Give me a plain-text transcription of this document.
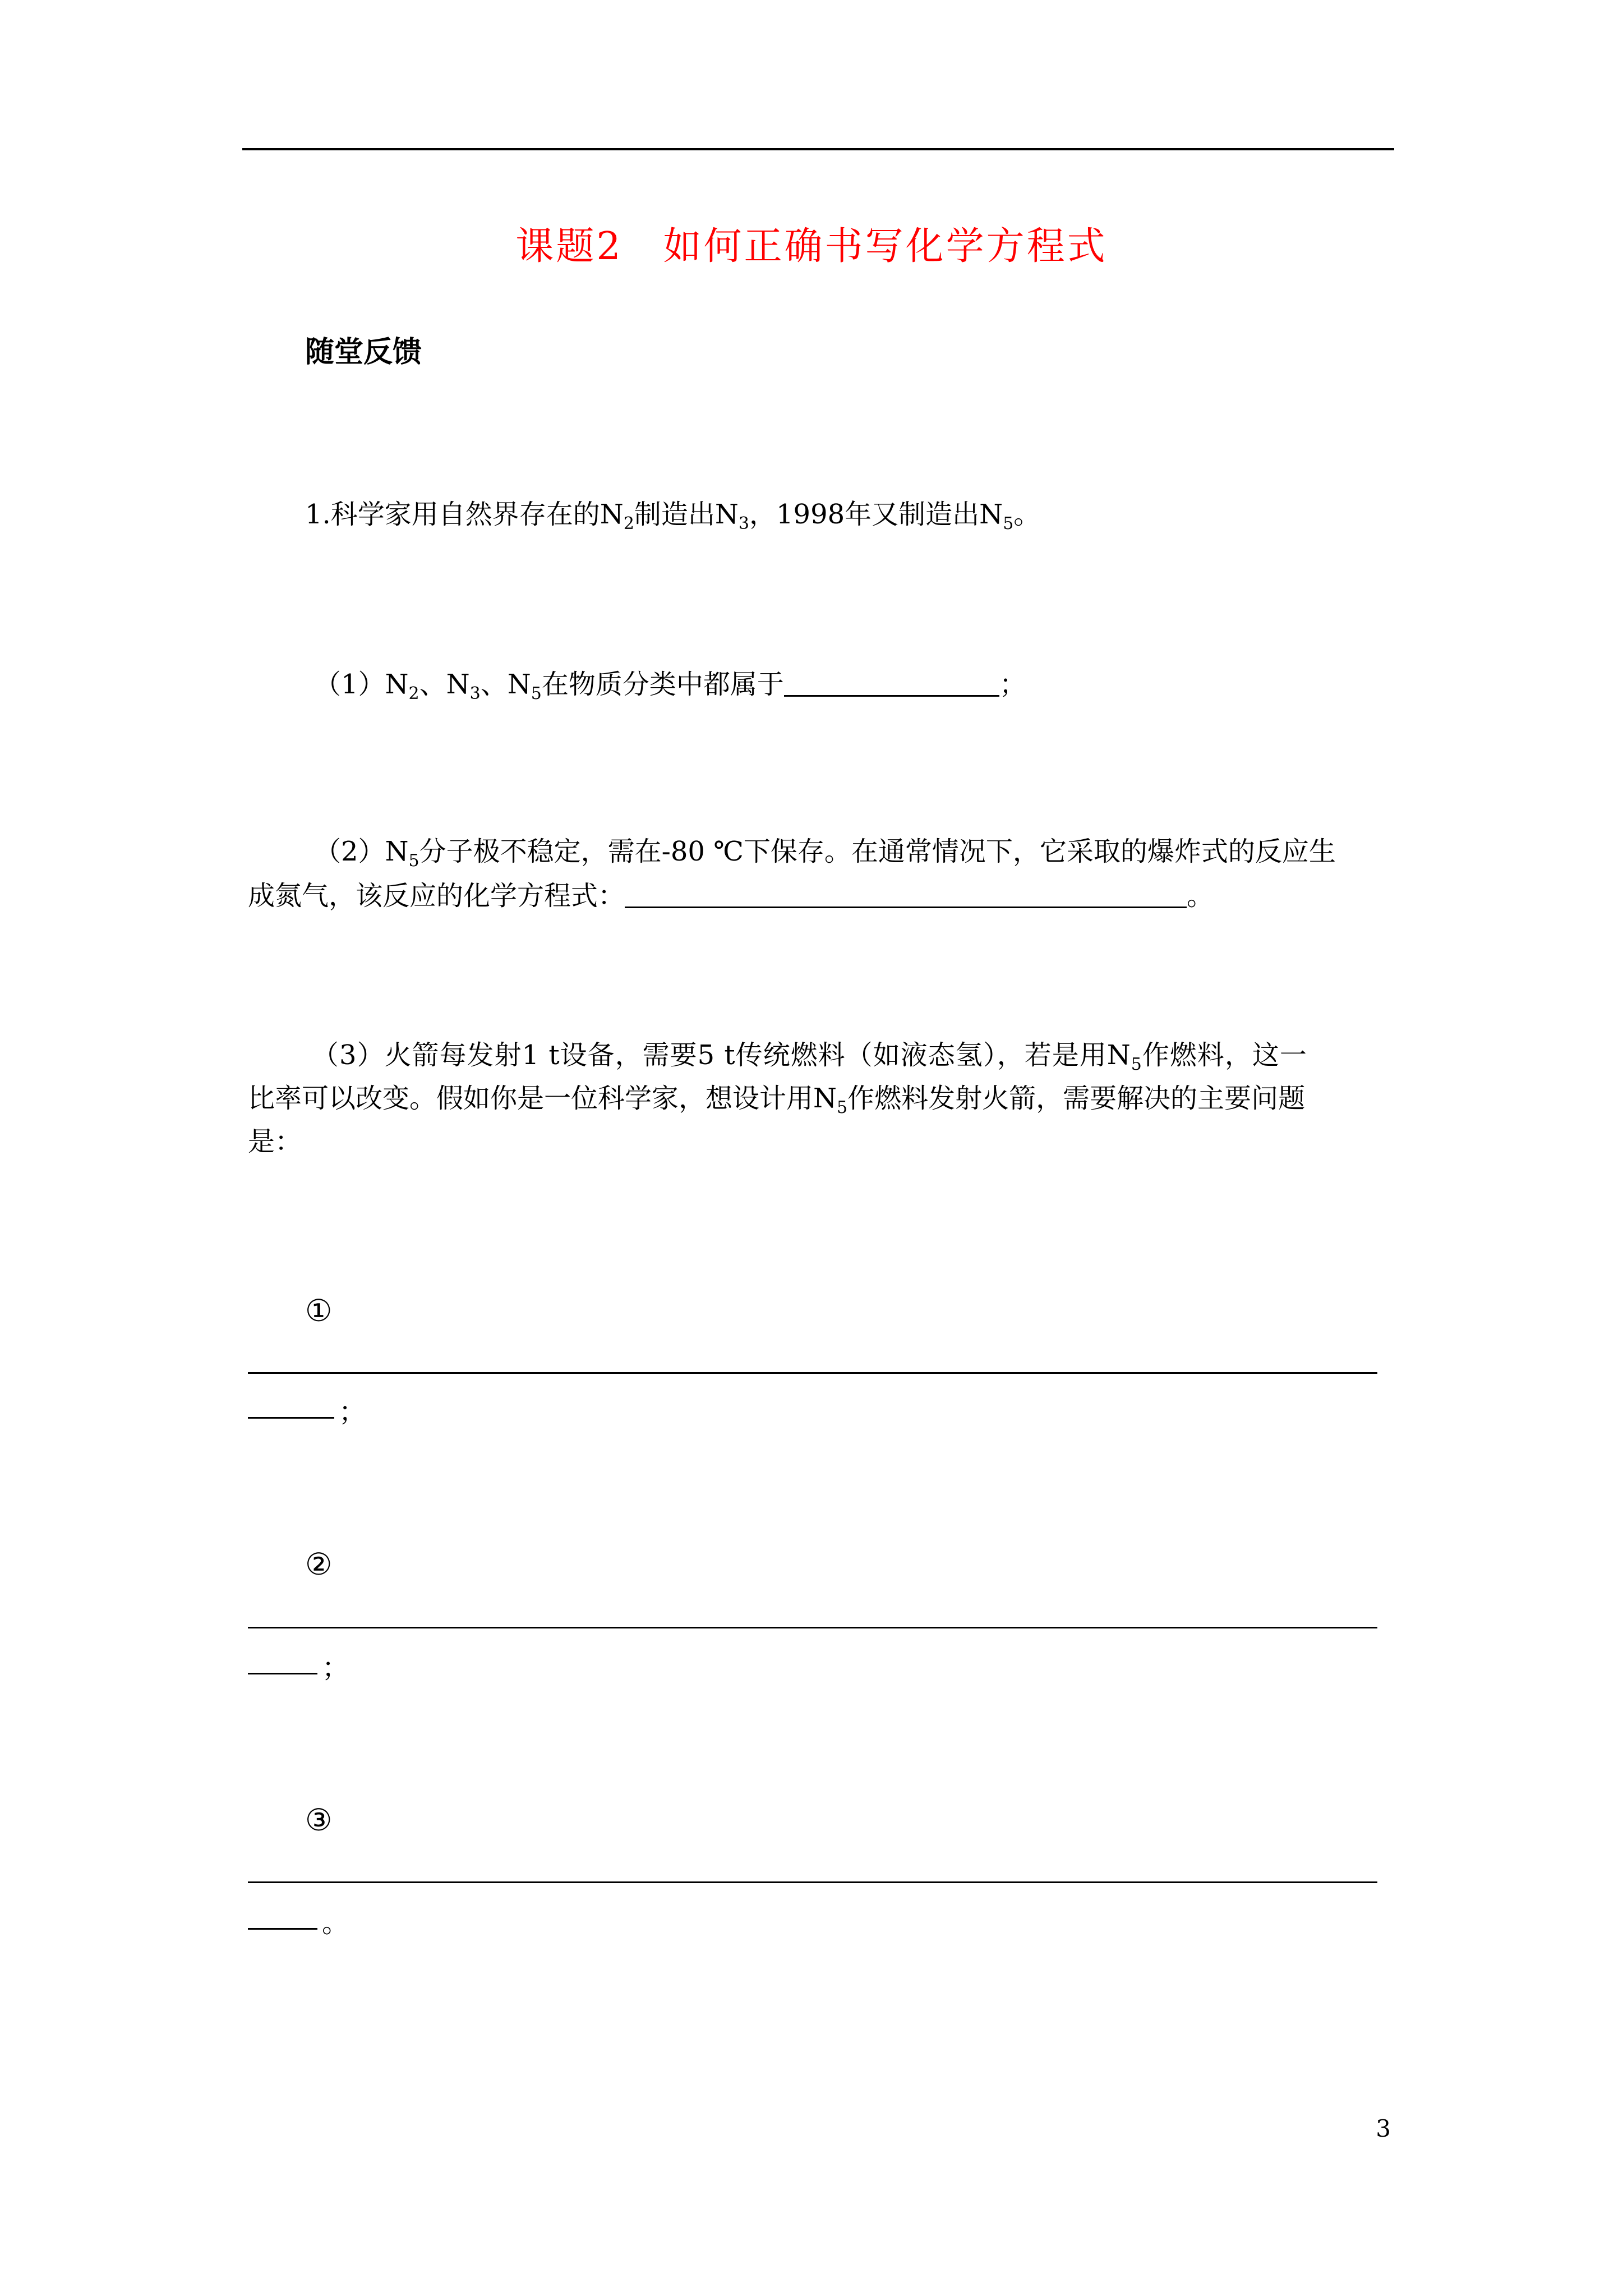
课题2　如何正确书写化学方程式
随堂反馈
1.科学家用自然界存在的$N_2$制造出$N_3$，1998年又制造出$N_5$。
$(1)N_2$、$N_3$、$N_5$在物质分类中都属于	；
$(2)N_5$分子极不稳定，需在-80 ℃下保存。在通常情况下，它采取的爆炸式的反应生
成氮气，该反应的化学方程式：	。
（3）火箭每发射1 t设备，需要5 t传统燃料（如液态氢），若是用$N_5$作燃料，这一
比率可以改变。假如你是一位科学家，想设计用$N_5$作燃料发射火箭，需要解决的主要问题
是：
①
；
②
；
③
。
3
